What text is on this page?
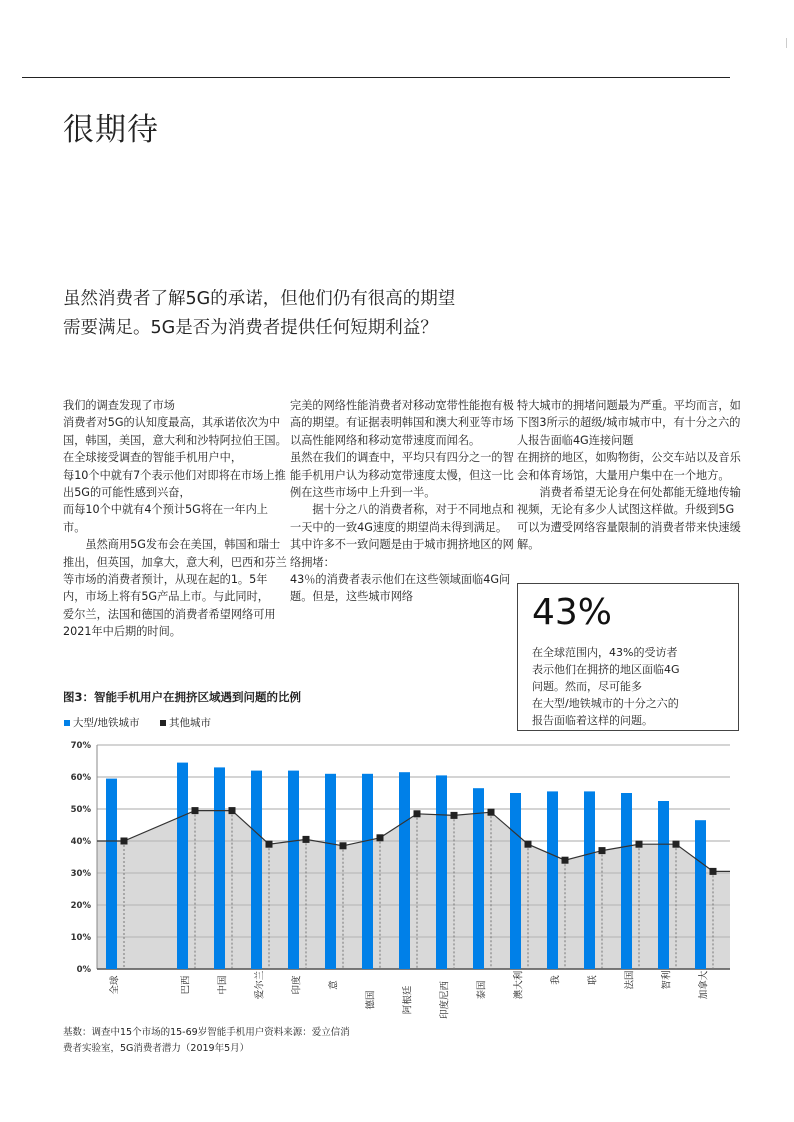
很期待
虽然消费者了解5G的承诺，但他们仍有很高的期望需要满足。5G是否为消费者提供任何短期利益？

我们的调查发现了市场
消费者对5G的认知度最高，其承诺依次为中国，韩国，美国，意大利和沙特阿拉伯王国。在全球接受调查的智能手机用户中，
每10个中就有7个表示他们对即将在市场上推出5G的可能性感到兴奋，
而每10个中就有4个预计5G将在一年内上市。
　　虽然商用5G发布会在美国，韩国和瑞士推出，但英国，加拿大，意大利，巴西和芬兰等市场的消费者预计，从现在起的1。5年内，市场上将有5G产品上市。与此同时，
爱尔兰，法国和德国的消费者希望网络可用
2021年中后期的时间。

完美的网络性能消费者对移动宽带性能抱有极高的期望。有证据表明韩国和澳大利亚等市场以高性能网络和移动宽带速度而闻名。
虽然在我们的调查中，平均只有四分之一的智能手机用户认为移动宽带速度太慢，但这一比例在这些市场中上升到一半。
　　据十分之八的消费者称，对于不同地点和一天中的一致4G速度的期望尚未得到满足。其中许多不一致问题是由于城市拥挤地区的网络拥堵：
43％的消费者表示他们在这些领域面临4G问题。但是，这些城市网络

特大城市的拥堵问题最为严重。平均而言，如下图3所示的超级/城市城市中，有十分之六的人报告面临4G连接问题
在拥挤的地区，如购物街，公交车站以及音乐会和体育场馆，大量用户集中在一个地方。
　　消费者希望无论身在何处都能无缝地传输视频，无论有多少人试图这样做。升级到5G可以为遭受网络容量限制的消费者带来快速缓解。

43%
在全球范围内，43%的受访者
表示他们在拥挤的地区面临4G
问题。然而，尽可能多
在大型/地铁城市的十分之六的
报告面临着这样的问题。
图3：智能手机用户在拥挤区域遇到问题的比例
大型/地铁城市	其他城市
0%
10%
20%
30%
40%
50%
60%
70%
全球	巴西	中国	爱尔兰	印度	意
德国	阿根廷	印度尼西	泰国	澳大利	我	联	法国	智利	加拿大
基数：调查中15个市场的15-69岁智能手机用户资料来源：爱立信消
费者实验室，5G消费者潜力（2019年5月）
